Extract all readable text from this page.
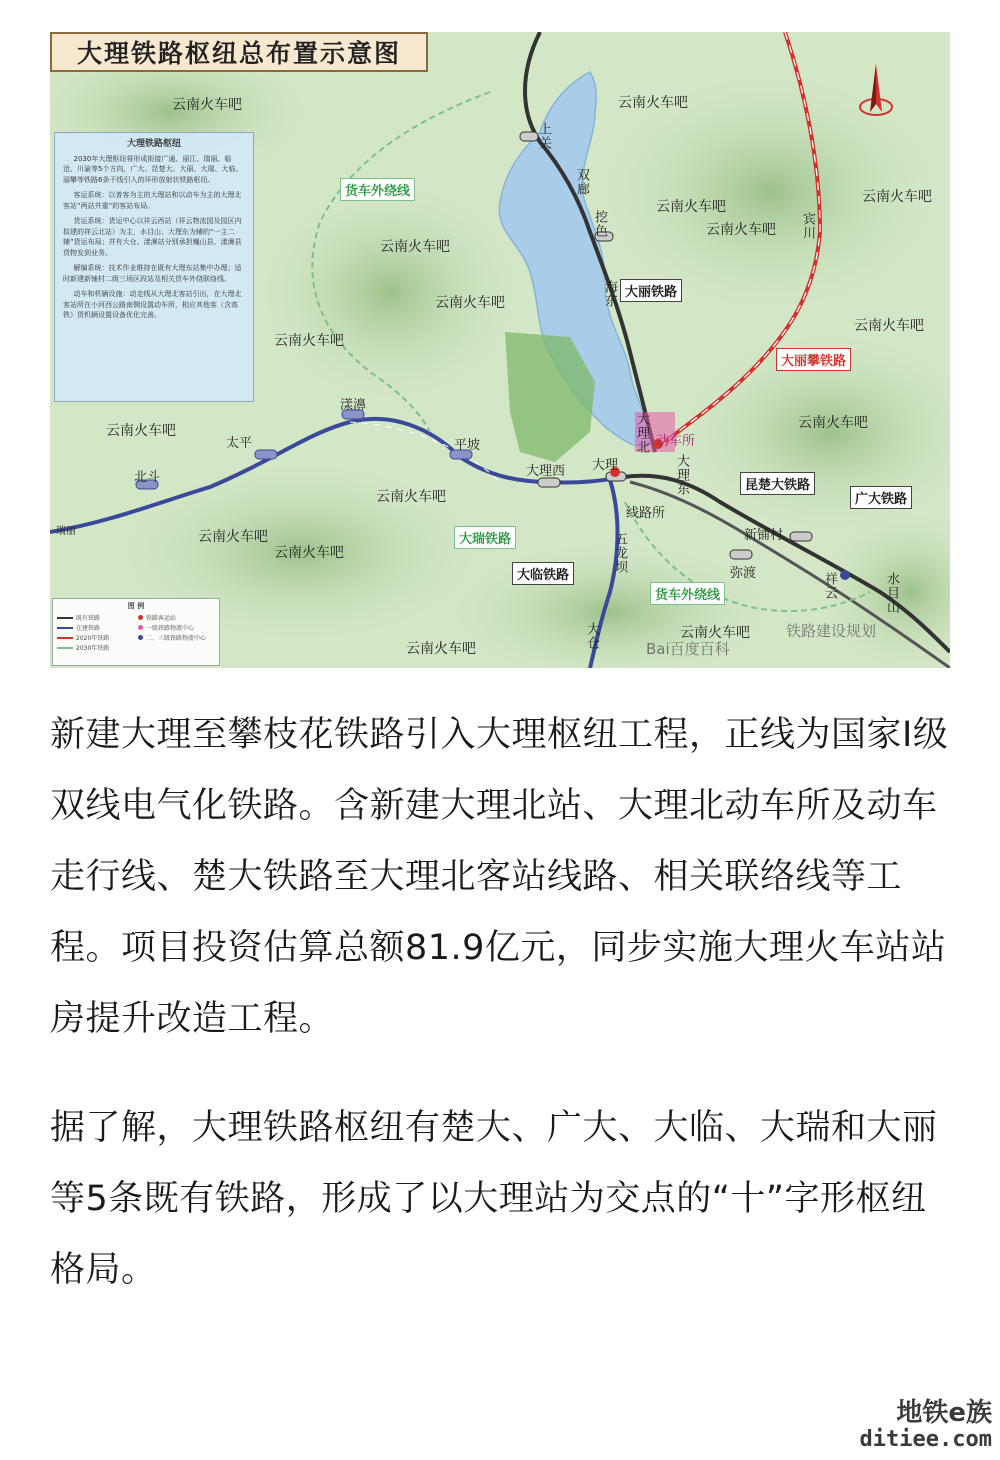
大理铁路枢纽总布置示意图
大理铁路枢纽

2030年大理枢纽将形成衔接广通、丽江、瑞丽、临沧、川渝等5个方向，广大、昆楚大、大丽、大瑞、大临、丽攀等铁路6条干线引入的环形放射状铁路枢纽。

客运系统：以普客为主的大理站和以动车为主的大理北客站“两站并重”的客站布局。

货运系统：货运中心以祥云西站（祥云物流园及园区内拟建的祥云北站）为主，水目山、大理东为辅的“一主二辅”货运布局；并有大仓、漾濞站分别承担巍山县、漾濞县货物发到业务。

解编系统：技术作业维持在既有大理东站集中办理；适时新建新铺村二级三场区段站及相关货车外绕联络线。

动车和机辆设施：动走线从大理北客站引出，在大理北客站所在小河西公路南侧设置动车所，相应其他客（含高铁）货机辆设置设备优化完善。

云南火车吧	云南火车吧
云南火车吧
云南火车吧
云南火车吧
云南火车吧
云南火车吧
云南火车吧
云南火车吧
云南火车吧
云南火车吧
云南火车吧
云南火车吧
云南火车吧
云南火车吧
云南火车吧
大丽铁路
大丽攀铁路
昆楚大铁路
广大铁路
大临铁路
大瑞铁路
货车外绕线
货车外绕线
上关
双廊
挖色
海东
大理北 动车所
北斗
太平
漾濞
平坡
大理西 大理	大理东
线路所
五龙坝
大仓
弥渡
新铺村
祥云	水目山
宾川
瑞丽
图 例
既有铁路	铁路客运站
在建铁路	一级铁路物流中心
2020年铁路	二、三级铁路物流中心
2030年铁路	Bai百度百科
铁路建设规划

新建大理至攀枝花铁路引入大理枢纽工程，正线为国家I级双线电气化铁路。含新建大理北站、大理北动车所及动车走行线、楚大铁路至大理北客站线路、相关联络线等工程。项目投资估算总额81.9亿元，同步实施大理火车站站房提升改造工程。

据了解，大理铁路枢纽有楚大、广大、大临、大瑞和大丽等5条既有铁路，形成了以大理站为交点的“十”字形枢纽格局。

地铁e族
ditiee.com
